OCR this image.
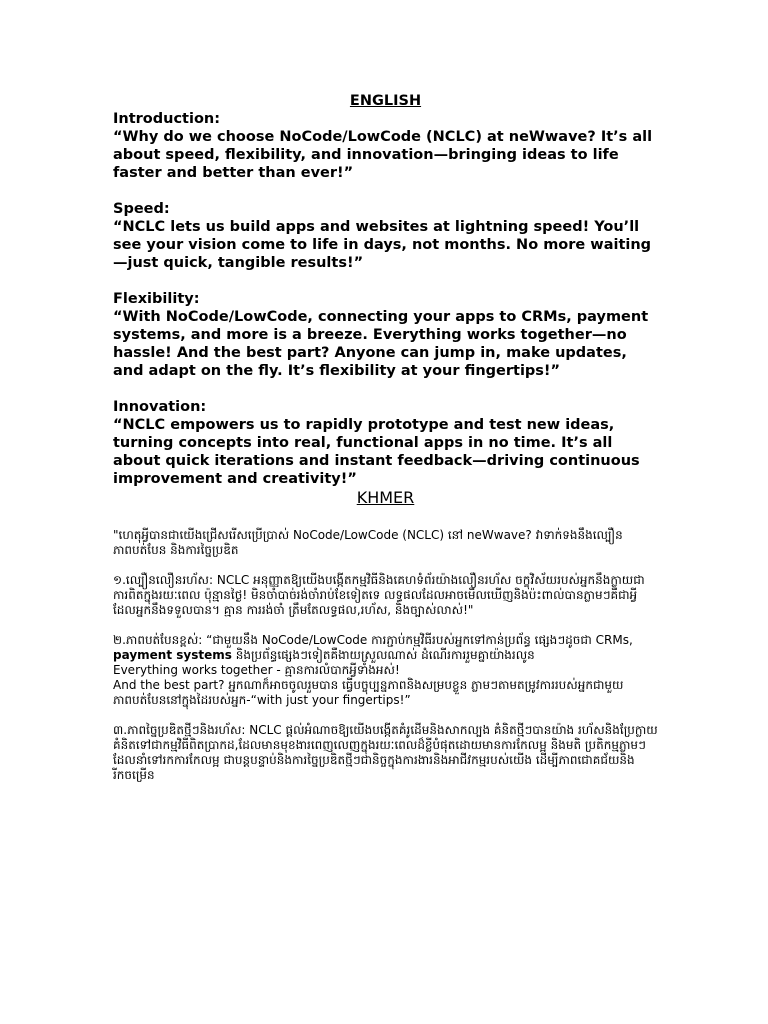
ENGLISH

Introduction:

“Why do we choose NoCode/LowCode (NCLC) at neWwave? It’s all about speed, flexibility, and innovation—bringing ideas to life faster and better than ever!”

Speed:

“NCLC lets us build apps and websites at lightning speed! You’ll see your vision come to life in days, not months. No more waiting—just quick, tangible results!”

Flexibility:

“With NoCode/LowCode, connecting your apps to CRMs, payment systems, and more is a breeze. Everything works together—no hassle! And the best part? Anyone can jump in, make updates, and adapt on the fly. It’s flexibility at your fingertips!”

Innovation:

“NCLC empowers us to rapidly prototype and test new ideas, turning concepts into real, functional apps in no time. It’s all about quick iterations and instant feedback—driving continuous improvement and creativity!”

KHMER

"ហេតុអ្វីបានជាយើងជ្រើសរើសប្រើប្រាស់ NoCode/LowCode (NCLC) នៅ neWwave? វាទាក់ទងនឹងល្បឿន ភាពបត់បែន និងការច្នៃប្រឌិត

១.ល្បឿនលឿនរហ័ស: NCLC អនុញ្ញាតឱ្យយើងបង្កើតកម្មវិធីនិងគេហទំព័រយ៉ាងលឿនរហ័ស ចក្ខុវិស័យរបស់អ្នកនឹងក្លាយជាការពិតក្នុងរយៈពេល ប៉ុន្មានថ្ងៃ! មិនចាំបាច់រង់ចាំរាប់ខែទៀតទេ លទ្ធផលដែលអាចមើលឃើញនិងប៉ះពាល់បានភ្លាមៗគឺជាអ្វីដែលអ្នកនឹងទទួលបាន។ គ្មាន ការរង់ចាំ ត្រឹមតែលទ្ធផល,រហ័ស, និងច្បាស់លាស់!"

២.ភាពបត់បែនខ្ពស់: “ជាមួយនឹង NoCode/LowCode ការភ្ជាប់កម្មវិធីរបស់អ្នកទៅកាន់ប្រព័ន្ធ ផ្សេងៗដូចជា CRMs, payment systems និងប្រព័ន្ធផ្សេងៗទៀតគឺងាយស្រួលណាស់ ដំណើរការរួមគ្នាយ៉ាងរលូន

Everything works together - គ្មានការលំបាកអ្វីទាំងអស់!

And the best part? អ្នកណាក៏អាចចូលរួមបាន ធ្វើបច្ចុប្បន្នភាពនិងសម្របខ្លួន ភ្លាមៗតាមតម្រូវការរបស់អ្នកជាមួយ ភាពបត់បែននៅក្នុងដៃរបស់អ្នក-“with just your fingertips!”

៣.ភាពច្នៃប្រឌិតថ្មីៗនិងរហ័ស: NCLC ផ្តល់អំណាចឱ្យយើងបង្កើតគំរូដើមនិងសាកល្បង គំនិតថ្មីៗបានយ៉ាង រហ័សនិងប្រែក្លាយគំនិតទៅជាកម្មវិធីពិតប្រាកដ,ដែលមានមុខងារពេញលេញក្នុងរយៈពេលដ៏ខ្លីបំផុតដោយមានការកែលម្អ និងមតិ ប្រតិកម្មភ្លាមៗ ដែលនាំទៅរកការកែលម្អ ជាបន្តបន្ទាប់និងការច្នៃប្រឌិតថ្មីៗជានិច្ចក្នុងការងារនិងអាជីវកម្មរបស់យើង ដើម្បីភាពជោគជ័យនិងរីកចម្រើន
